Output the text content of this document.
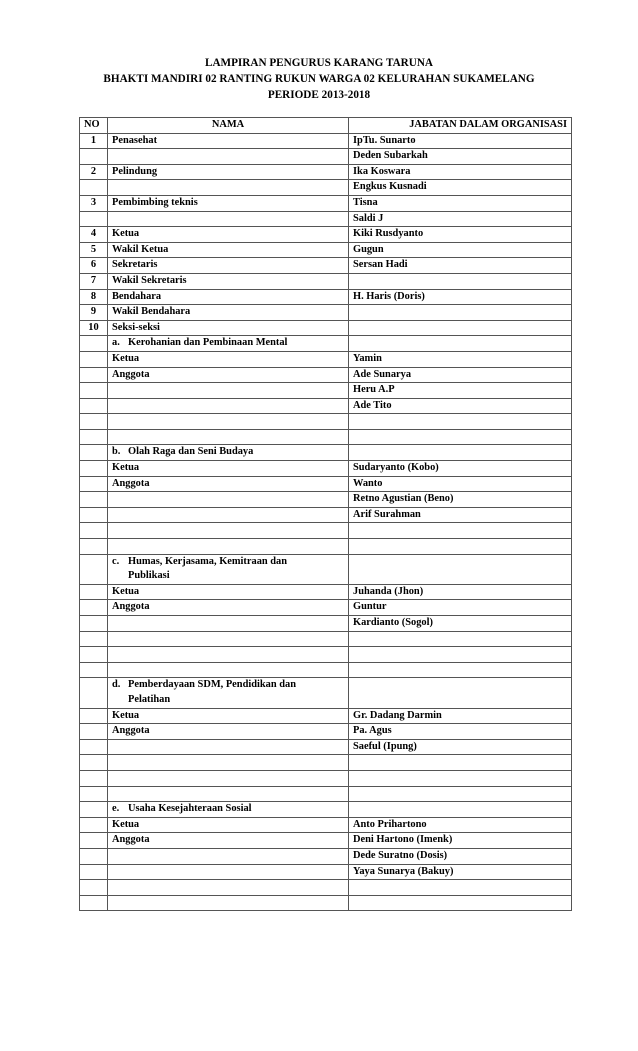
LAMPIRAN PENGURUS KARANG TARUNA
BHAKTI MANDIRI 02 RANTING RUKUN WARGA 02 KELURAHAN SUKAMELANG
PERIODE 2013-2018
NO	NAMA	JABATAN DALAM ORGANISASI
1	Penasehat	IpTu. Sunarto
		Deden Subarkah
2	Pelindung	Ika Koswara
		Engkus Kusnadi
3	Pembimbing teknis	Tisna
		Saldi J
4	Ketua	Kiki Rusdyanto
5	Wakil Ketua	Gugun
6	Sekretaris	Sersan Hadi
7	Wakil Sekretaris	
8	Bendahara	H. Haris (Doris)
9	Wakil Bendahara	
10	Seksi-seksi	
	a. Kerohanian dan Pembinaan Mental	
	Ketua	Yamin
	Anggota	Ade Sunarya
		Heru A.P
		Ade Tito

	b. Olah Raga dan Seni Budaya	
	Ketua	Sudaryanto (Kobo)
	Anggota	Wanto
		Retno Agustian (Beno)
		Arif Surahman

	c. Humas, Kerjasama, Kemitraan dan
Publikasi	

	Ketua	Juhanda (Jhon)
	Anggota	Guntur
		Kardianto (Sogol)

	d. Pemberdayaan SDM, Pendidikan dan
Pelatihan	

	Ketua	Gr. Dadang Darmin
	Anggota	Pa. Agus
		Saeful (Ipung)

	e. Usaha Kesejahteraan Sosial	
	Ketua	Anto Prihartono
	Anggota	Deni Hartono (Imenk)
		Dede Suratno (Dosis)
		Yaya Sunarya (Bakuy)
